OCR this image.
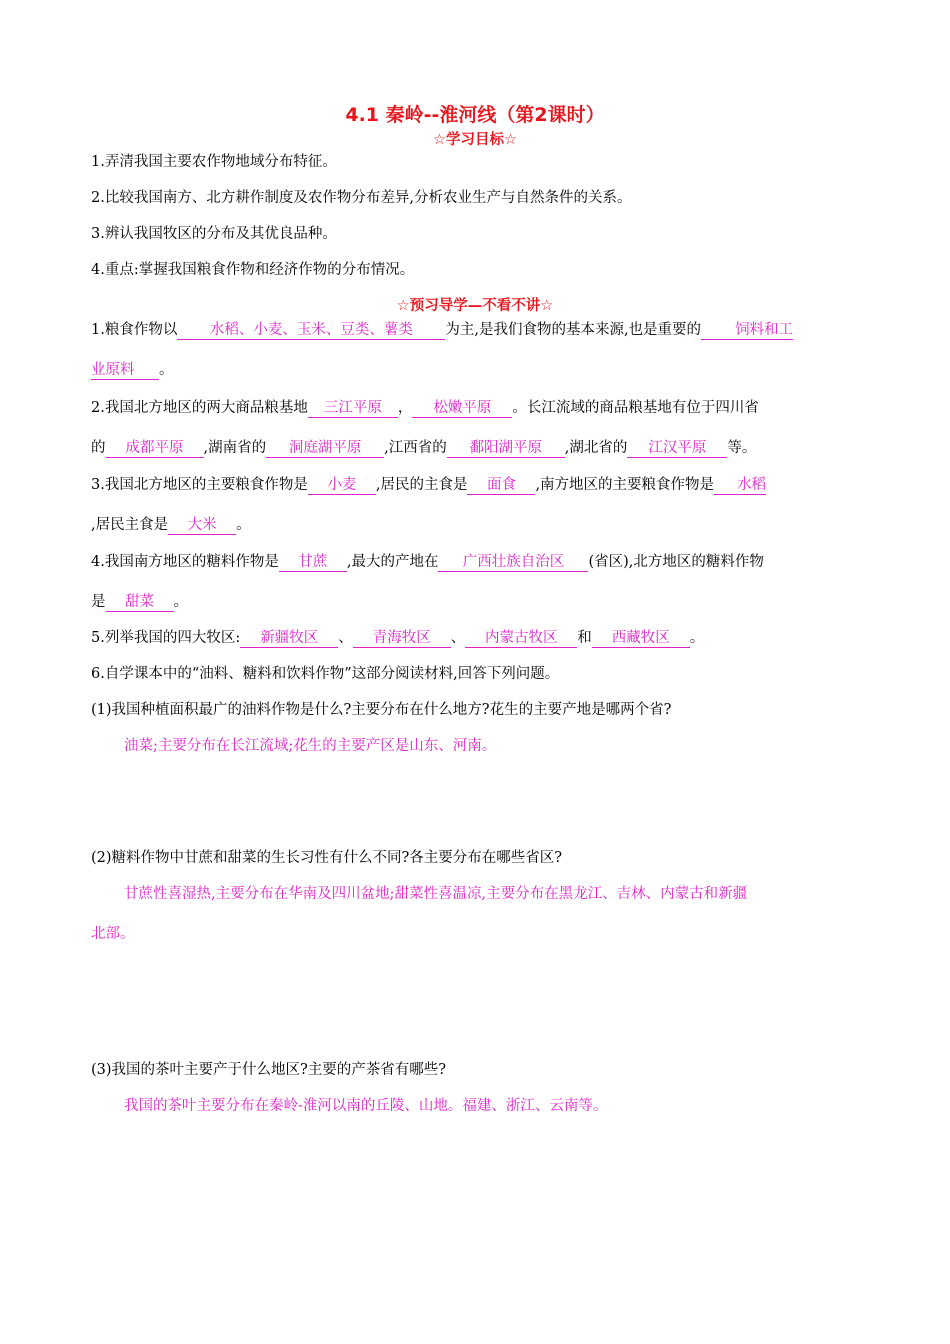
4.1 秦岭--淮河线（第2课时）
☆学习目标☆
1.弄清我国主要农作物地域分布特征。
2.比较我国南方、北方耕作制度及农作物分布差异,分析农业生产与自然条件的关系。
3.辨认我国牧区的分布及其优良品种。
4.重点:掌握我国粮食作物和经济作物的分布情况。
☆预习导学—不看不讲☆
1.粮食作物以 水稻、小麦、玉米、豆类、薯类 为主,是我们食物的基本来源,也是重要的 饲料和工
业原料 。
2.我国北方地区的两大商品粮基地 三江平原 ， 松嫩平原 。长江流域的商品粮基地有位于四川省
的 成都平原 ,湖南省的 洞庭湖平原 ,江西省的 鄱阳湖平原 ,湖北省的 江汉平原 等。
3.我国北方地区的主要粮食作物是 小麦 ,居民的主食是 面食 ,南方地区的主要粮食作物是 水稻
,居民主食是 大米 。
4.我国南方地区的糖料作物是 甘蔗 ,最大的产地在 广西壮族自治区 (省区),北方地区的糖料作物
是 甜菜 。
5.列举我国的四大牧区: 新疆牧区 、 青海牧区 、 内蒙古牧区 和 西藏牧区 。
6.自学课本中的“油料、糖料和饮料作物”这部分阅读材料,回答下列问题。
(1)我国种植面积最广的油料作物是什么?主要分布在什么地方?花生的主要产地是哪两个省?
油菜;主要分布在长江流域;花生的主要产区是山东、河南。
(2)糖料作物中甘蔗和甜菜的生长习性有什么不同?各主要分布在哪些省区?
甘蔗性喜湿热,主要分布在华南及四川盆地;甜菜性喜温凉,主要分布在黑龙江、吉林、内蒙古和新疆
北部。
(3)我国的茶叶主要产于什么地区?主要的产茶省有哪些?
我国的茶叶主要分布在秦岭-淮河以南的丘陵、山地。福建、浙江、云南等。
